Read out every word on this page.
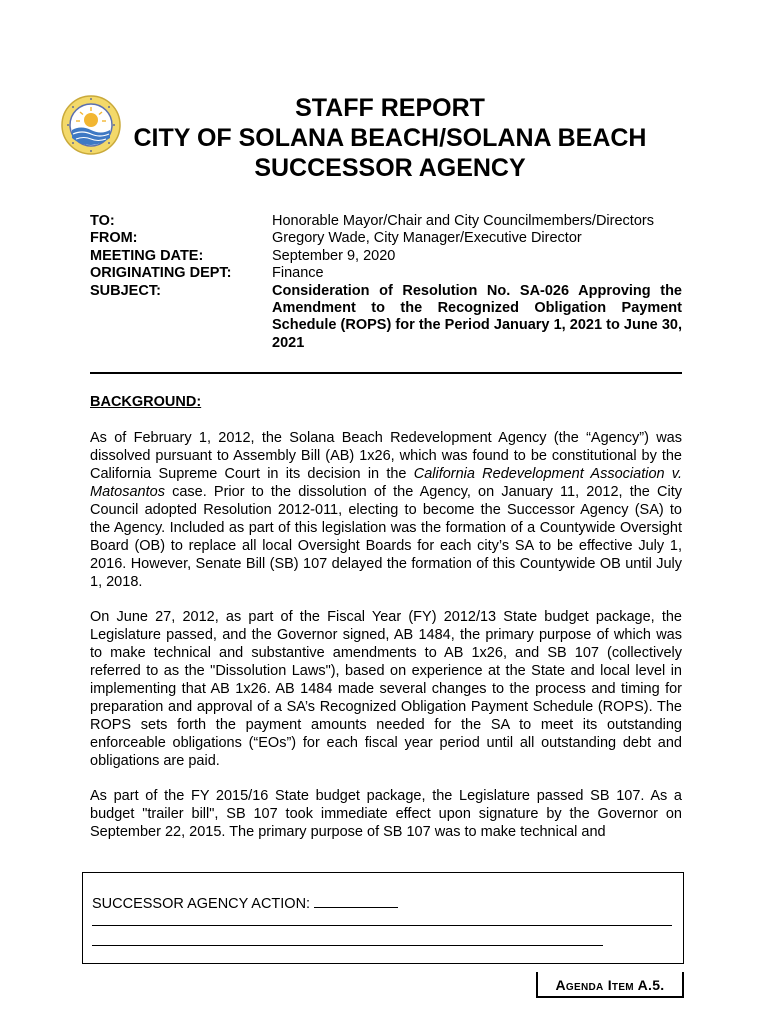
STAFF REPORT
CITY OF SOLANA BEACH/SOLANA BEACH
SUCCESSOR AGENCY
TO:	Honorable Mayor/Chair and City Councilmembers/Directors
FROM:	Gregory Wade, City Manager/Executive Director
MEETING DATE:	September 9, 2020
ORIGINATING DEPT:	Finance
SUBJECT:	Consideration of Resolution No. SA-026 Approving the Amendment to the Recognized Obligation Payment Schedule (ROPS) for the Period January 1, 2021 to June 30, 2021
BACKGROUND:

As of February 1, 2012, the Solana Beach Redevelopment Agency (the “Agency”) was dissolved pursuant to Assembly Bill (AB) 1x26, which was found to be constitutional by the California Supreme Court in its decision in the California Redevelopment Association v. Matosantos case. Prior to the dissolution of the Agency, on January 11, 2012, the City Council adopted Resolution 2012-011, electing to become the Successor Agency (SA) to the Agency. Included as part of this legislation was the formation of a Countywide Oversight Board (OB) to replace all local Oversight Boards for each city’s SA to be effective July 1, 2016. However, Senate Bill (SB) 107 delayed the formation of this Countywide OB until July 1, 2018.

On June 27, 2012, as part of the Fiscal Year (FY) 2012/13 State budget package, the Legislature passed, and the Governor signed, AB 1484, the primary purpose of which was to make technical and substantive amendments to AB 1x26, and SB 107 (collectively referred to as the "Dissolution Laws"), based on experience at the State and local level in implementing that AB 1x26. AB 1484 made several changes to the process and timing for preparation and approval of a SA’s Recognized Obligation Payment Schedule (ROPS). The ROPS sets forth the payment amounts needed for the SA to meet its outstanding enforceable obligations (“EOs”) for each fiscal year period until all outstanding debt and obligations are paid.

As part of the FY 2015/16 State budget package, the Legislature passed SB 107. As a budget "trailer bill", SB 107 took immediate effect upon signature by the Governor on September 22, 2015. The primary purpose of SB 107 was to make technical and

SUCCESSOR AGENCY ACTION:
Agenda Item A.5.
